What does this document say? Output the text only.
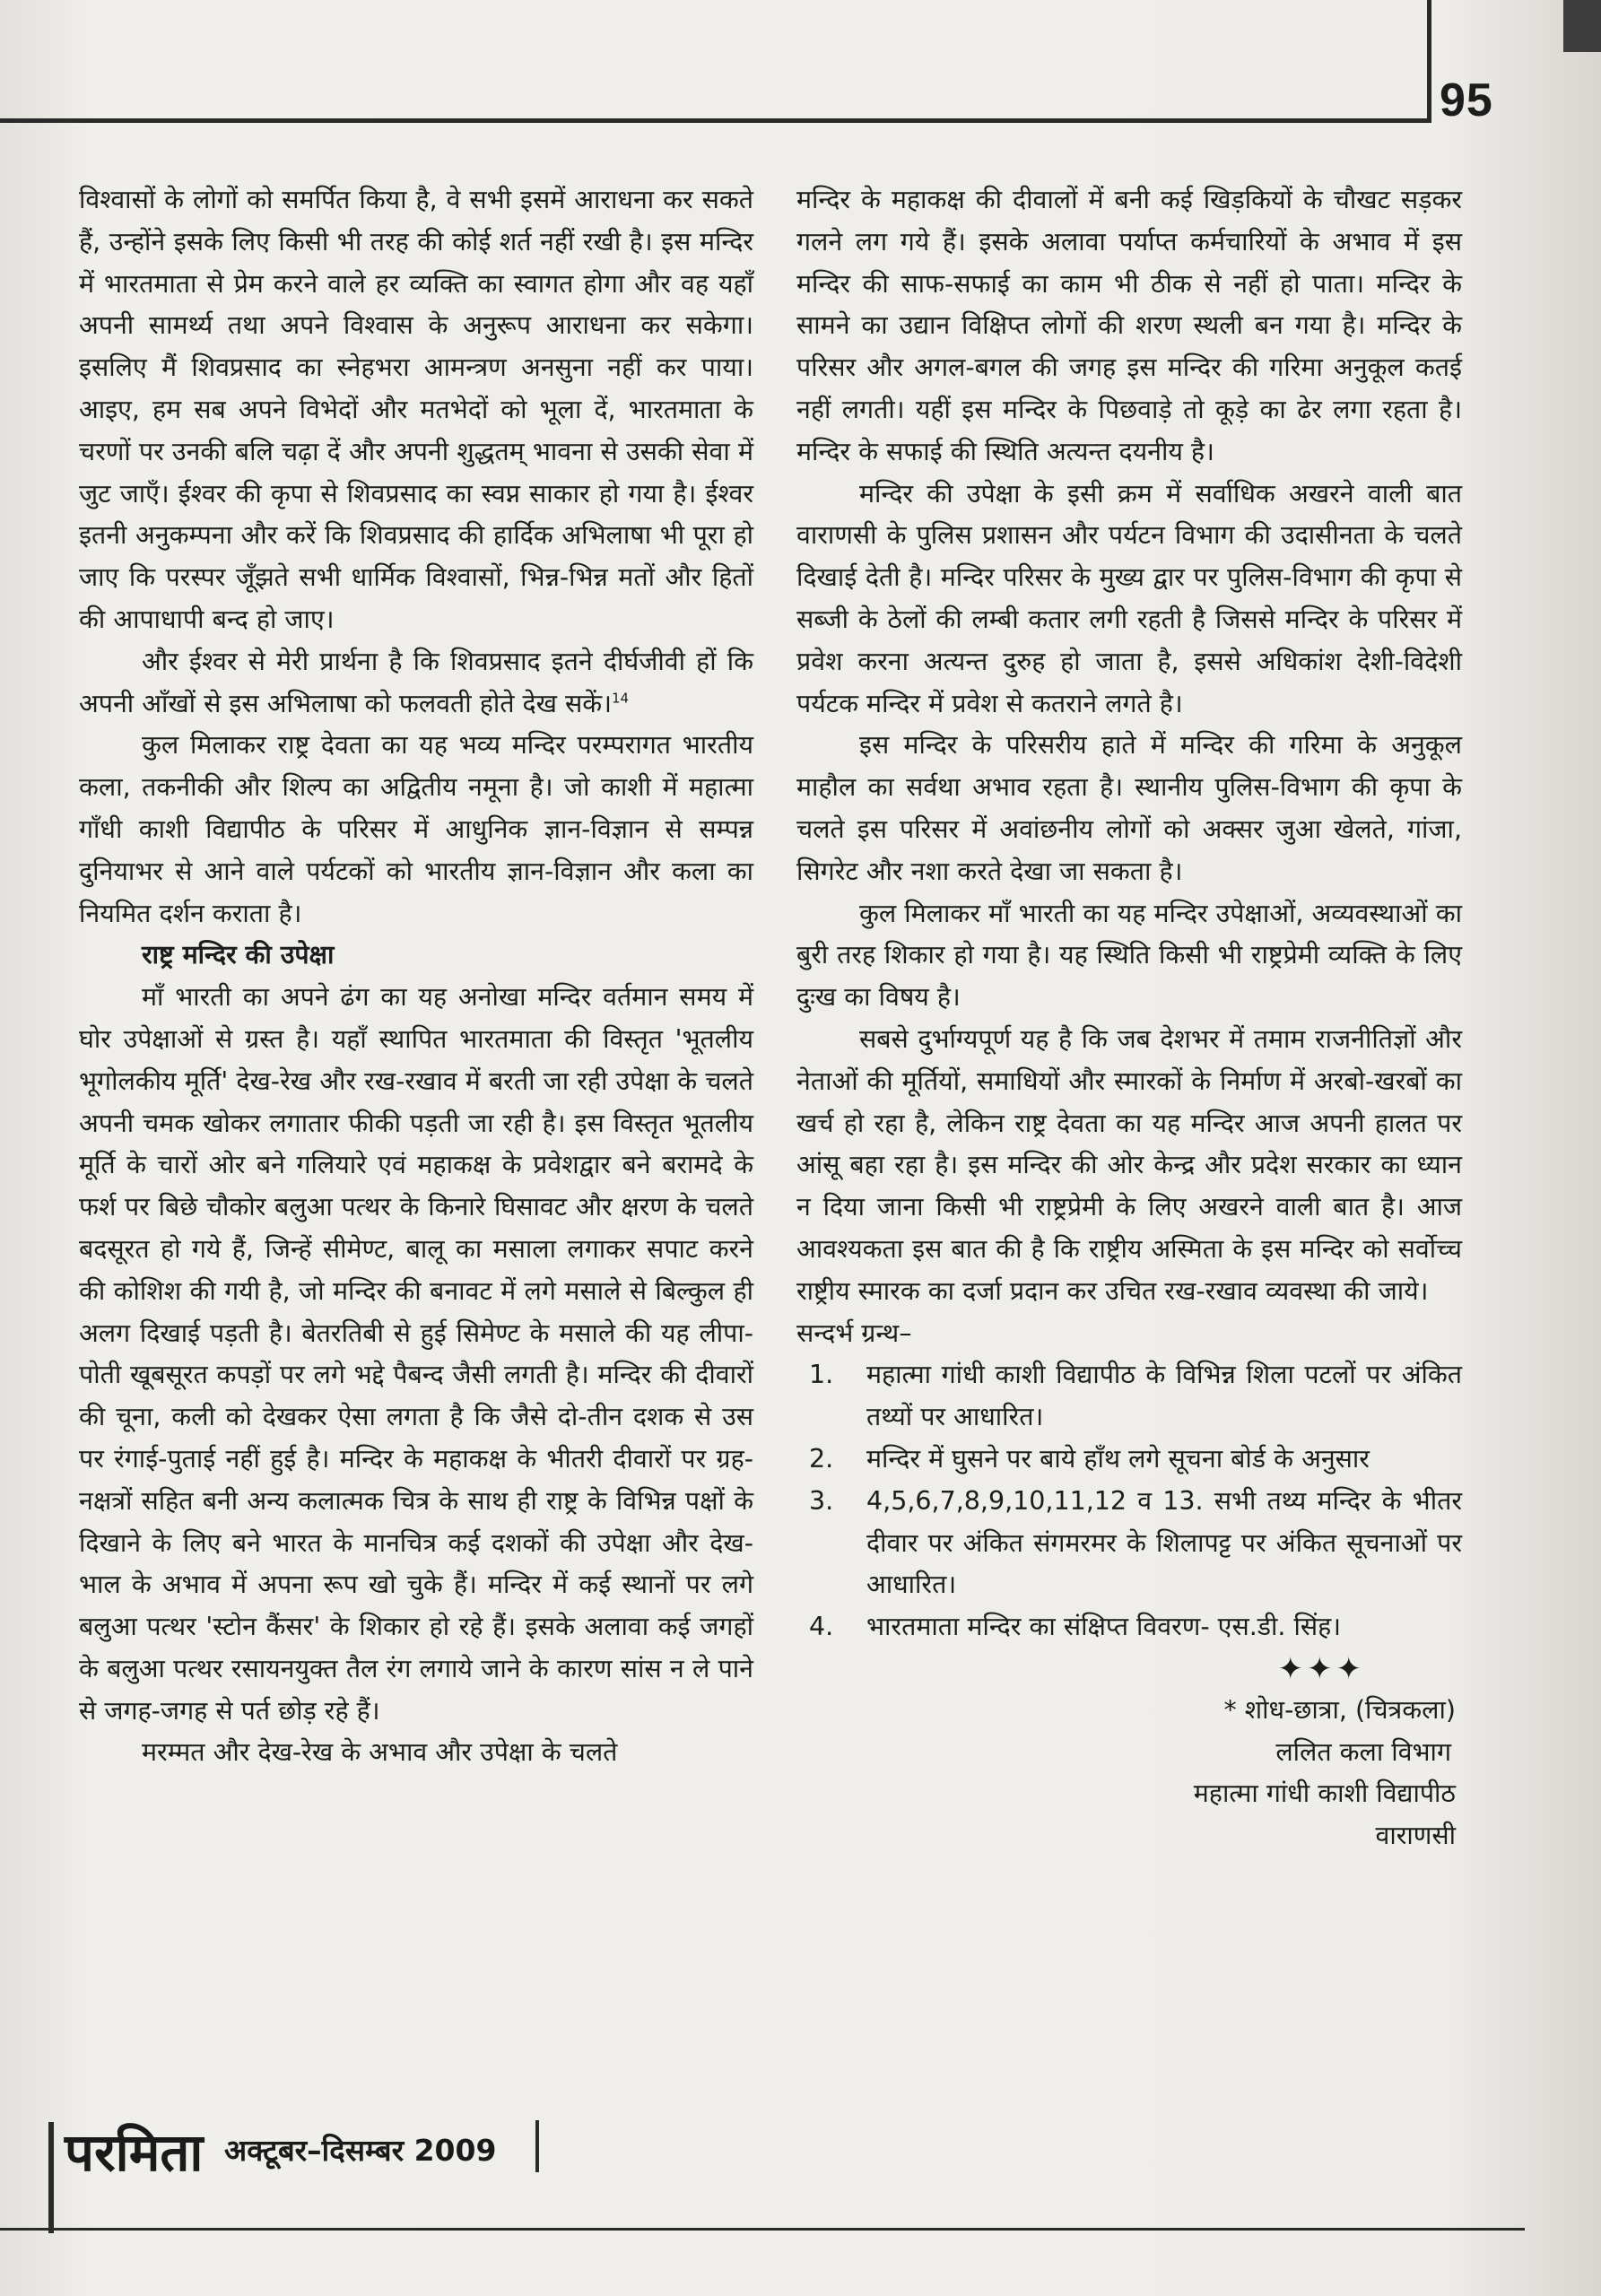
95

विश्वासों के लोगों को समर्पित किया है, वे सभी इसमें आराधना कर सकते हैं, उन्होंने इसके लिए किसी भी तरह की कोई शर्त नहीं रखी है। इस मन्दिर में भारतमाता से प्रेम करने वाले हर व्यक्ति का स्वागत होगा और वह यहाँ अपनी सामर्थ्य तथा अपने विश्वास के अनुरूप आराधना कर सकेगा। इसलिए मैं शिवप्रसाद का स्नेहभरा आमन्त्रण अनसुना नहीं कर पाया। आइए, हम सब अपने विभेदों और मतभेदों को भूला दें, भारतमाता के चरणों पर उनकी बलि चढ़ा दें और अपनी शुद्धतम् भावना से उसकी सेवा में जुट जाएँ। ईश्वर की कृपा से शिवप्रसाद का स्वप्न साकार हो गया है। ईश्वर इतनी अनुकम्पना और करें कि शिवप्रसाद की हार्दिक अभिलाषा भी पूरा हो जाए कि परस्पर जूँझते सभी धार्मिक विश्वासों, भिन्न-भिन्न मतों और हितों की आपाधापी बन्द हो जाए।

और ईश्वर से मेरी प्रार्थना है कि शिवप्रसाद इतने दीर्घजीवी हों कि अपनी आँखों से इस अभिलाषा को फलवती होते देख सकें।$^{14}$

कुल मिलाकर राष्ट्र देवता का यह भव्य मन्दिर परम्परागत भारतीय कला, तकनीकी और शिल्प का अद्वितीय नमूना है। जो काशी में महात्मा गाँधी काशी विद्यापीठ के परिसर में आधुनिक ज्ञान-विज्ञान से सम्पन्न दुनियाभर से आने वाले पर्यटकों को भारतीय ज्ञान-विज्ञान और कला का नियमित दर्शन कराता है।

राष्ट्र मन्दिर की उपेक्षा

माँ भारती का अपने ढंग का यह अनोखा मन्दिर वर्तमान समय में घोर उपेक्षाओं से ग्रस्त है। यहाँ स्थापित भारतमाता की विस्तृत 'भूतलीय भूगोलकीय मूर्ति' देख-रेख और रख-रखाव में बरती जा रही उपेक्षा के चलते अपनी चमक खोकर लगातार फीकी पड़ती जा रही है। इस विस्तृत भूतलीय मूर्ति के चारों ओर बने गलियारे एवं महाकक्ष के प्रवेशद्वार बने बरामदे के फर्श पर बिछे चौकोर बलुआ पत्थर के किनारे घिसावट और क्षरण के चलते बदसूरत हो गये हैं, जिन्हें सीमेण्ट, बालू का मसाला लगाकर सपाट करने की कोशिश की गयी है, जो मन्दिर की बनावट में लगे मसाले से बिल्कुल ही अलग दिखाई पड़ती है। बेतरतिबी से हुई सिमेण्ट के मसाले की यह लीपा-पोती खूबसूरत कपड़ों पर लगे भद्दे पैबन्द जैसी लगती है। मन्दिर की दीवारों की चूना, कली को देखकर ऐसा लगता है कि जैसे दो-तीन दशक से उस पर रंगाई-पुताई नहीं हुई है। मन्दिर के महाकक्ष के भीतरी दीवारों पर ग्रह-नक्षत्रों सहित बनी अन्य कलात्मक चित्र के साथ ही राष्ट्र के विभिन्न पक्षों के दिखाने के लिए बने भारत के मानचित्र कई दशकों की उपेक्षा और देख-भाल के अभाव में अपना रूप खो चुके हैं। मन्दिर में कई स्थानों पर लगे बलुआ पत्थर 'स्टोन कैंसर' के शिकार हो रहे हैं। इसके अलावा कई जगहों के बलुआ पत्थर रसायनयुक्त तैल रंग लगाये जाने के कारण सांस न ले पाने से जगह-जगह से पर्त छोड़ रहे हैं।

मरम्मत और देख-रेख के अभाव और उपेक्षा के चलते

मन्दिर के महाकक्ष की दीवालों में बनी कई खिड़कियों के चौखट सड़कर गलने लग गये हैं। इसके अलावा पर्याप्त कर्मचारियों के अभाव में इस मन्दिर की साफ-सफाई का काम भी ठीक से नहीं हो पाता। मन्दिर के सामने का उद्यान विक्षिप्त लोगों की शरण स्थली बन गया है। मन्दिर के परिसर और अगल-बगल की जगह इस मन्दिर की गरिमा अनुकूल कतई नहीं लगती। यहीं इस मन्दिर के पिछवाड़े तो कूड़े का ढेर लगा रहता है। मन्दिर के सफाई की स्थिति अत्यन्त दयनीय है।

मन्दिर की उपेक्षा के इसी क्रम में सर्वाधिक अखरने वाली बात वाराणसी के पुलिस प्रशासन और पर्यटन विभाग की उदासीनता के चलते दिखाई देती है। मन्दिर परिसर के मुख्य द्वार पर पुलिस-विभाग की कृपा से सब्जी के ठेलों की लम्बी कतार लगी रहती है जिससे मन्दिर के परिसर में प्रवेश करना अत्यन्त दुरुह हो जाता है, इससे अधिकांश देशी-विदेशी पर्यटक मन्दिर में प्रवेश से कतराने लगते है।

इस मन्दिर के परिसरीय हाते में मन्दिर की गरिमा के अनुकूल माहौल का सर्वथा अभाव रहता है। स्थानीय पुलिस-विभाग की कृपा के चलते इस परिसर में अवांछनीय लोगों को अक्सर जुआ खेलते, गांजा, सिगरेट और नशा करते देखा जा सकता है।

कुल मिलाकर माँ भारती का यह मन्दिर उपेक्षाओं, अव्यवस्थाओं का बुरी तरह शिकार हो गया है। यह स्थिति किसी भी राष्ट्रप्रेमी व्यक्ति के लिए दुःख का विषय है।

सबसे दुर्भाग्यपूर्ण यह है कि जब देशभर में तमाम राजनीतिज्ञों और नेताओं की मूर्तियों, समाधियों और स्मारकों के निर्माण में अरबो-खरबों का खर्च हो रहा है, लेकिन राष्ट्र देवता का यह मन्दिर आज अपनी हालत पर आंसू बहा रहा है। इस मन्दिर की ओर केन्द्र और प्रदेश सरकार का ध्यान न दिया जाना किसी भी राष्ट्रप्रेमी के लिए अखरने वाली बात है। आज आवश्यकता इस बात की है कि राष्ट्रीय अस्मिता के इस मन्दिर को सर्वोच्च राष्ट्रीय स्मारक का दर्जा प्रदान कर उचित रख-रखाव व्यवस्था की जाये।

सन्दर्भ ग्रन्थ–

1.	महात्मा गांधी काशी विद्यापीठ के विभिन्न शिला पटलों पर अंकित तथ्यों पर आधारित।
2.	मन्दिर में घुसने पर बाये हाँथ लगे सूचना बोर्ड के अनुसार
3.	4,5,6,7,8,9,10,11,12 व 13. सभी तथ्य मन्दिर के भीतर दीवार पर अंकित संगमरमर के शिलापट्ट पर अंकित सूचनाओं पर आधारित।
4.	भारतमाता मन्दिर का संक्षिप्त विवरण- एस.डी. सिंह।
✦✦✦
* शोध-छात्रा, (चित्रकला)
ललित कला विभाग
महात्मा गांधी काशी विद्यापीठ
वाराणसी
परमिता अक्टूबर–दिसम्बर 2009
